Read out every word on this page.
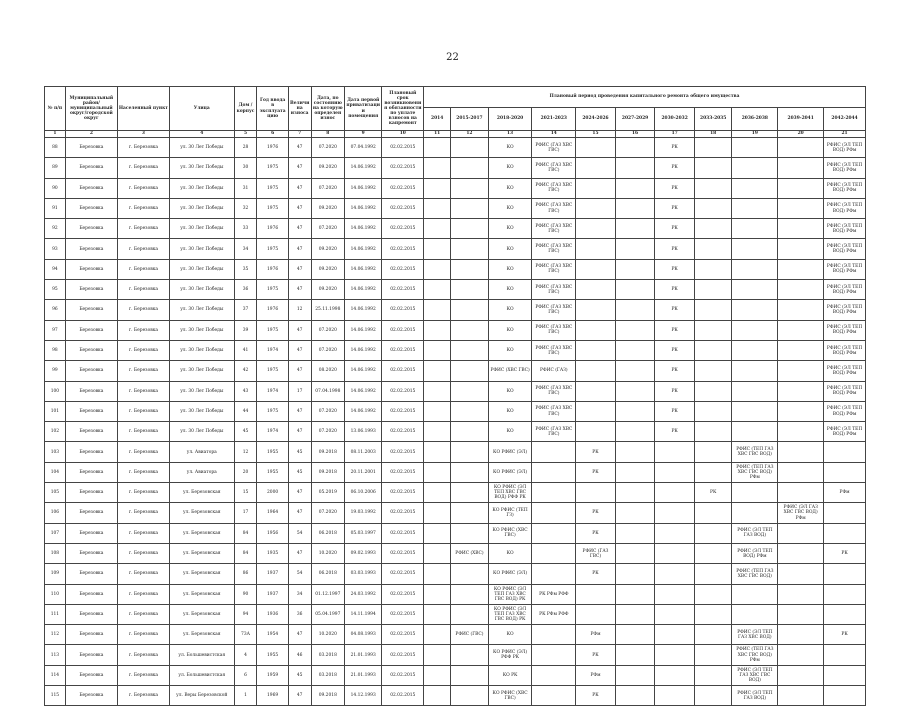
22
№ п/п	Муниципальный район/муниципальный округ/городской округ	Населенный пункт	Улица	Дом / корпус	Год ввода в эксплуатацию	Величина износа	Дата, по состоянию на которую определен износ	Дата первой приватизации помещения	Плановый срок возникновения обязанности по уплате взносов на капремонт	Плановый период проведения капитального ремонта общего имущества										
										2014	2015-2017	2018-2020	2021-2023	2024-2026	2027-2029	2030-2032	2033-2035	2036-2038	2039-2041	2042-2044
1	2	3	4	5	6	7	8	9	10	11	12	13	14	15	16	17	18	19	20	21
88	Березовка	г. Березовка	ул. 30 Лет Победы	28	1976	47	07.2020	07.04.1992	02.02.2015			КО	РФИС (ГАЗ ХВС ГВС)			РК				РФИС (ЭЛ ТЕП ВОД) РФм
89	Березовка	г. Березовка	ул. 30 Лет Победы	30	1975	47	09.2020	14.06.1992	02.02.2015			КО	РФИС (ГАЗ ХВС ГВС)			РК				РФИС (ЭЛ ТЕП ВОД) РФм
90	Березовка	г. Березовка	ул. 30 Лет Победы	31	1975	47	07.2020	14.06.1992	02.02.2015			КО	РФИС (ГАЗ ХВС ГВС)			РК				РФИС (ЭЛ ТЕП ВОД) РФм
91	Березовка	г. Березовка	ул. 30 Лет Победы	32	1975	47	09.2020	14.06.1992	02.02.2015			КО	РФИС (ГАЗ ХВС ГВС)			РК				РФИС (ЭЛ ТЕП ВОД) РФм
92	Березовка	г. Березовка	ул. 30 Лет Победы	33	1976	47	07.2020	14.06.1992	02.02.2015			КО	РФИС (ГАЗ ХВС ГВС)			РК				РФИС (ЭЛ ТЕП ВОД) РФм
93	Березовка	г. Березовка	ул. 30 Лет Победы	34	1975	47	09.2020	14.06.1992	02.02.2015			КО	РФИС (ГАЗ ХВС ГВС)			РК				РФИС (ЭЛ ТЕП ВОД) РФм
94	Березовка	г. Березовка	ул. 30 Лет Победы	35	1976	47	09.2020	14.06.1992	02.02.2015			КО	РФИС (ГАЗ ХВС ГВС)			РК				РФИС (ЭЛ ТЕП ВОД) РФм
95	Березовка	г. Березовка	ул. 30 Лет Победы	36	1975	47	09.2020	14.06.1992	02.02.2015			КО	РФИС (ГАЗ ХВС ГВС)			РК				РФИС (ЭЛ ТЕП ВОД) РФм
96	Березовка	г. Березовка	ул. 30 Лет Победы	37	1976	12	25.11.1998	14.06.1992	02.02.2015			КО	РФИС (ГАЗ ХВС ГВС)			РК				РФИС (ЭЛ ТЕП ВОД) РФм
97	Березовка	г. Березовка	ул. 30 Лет Победы	39	1975	47	07.2020	14.06.1992	02.02.2015			КО	РФИС (ГАЗ ХВС ГВС)			РК				РФИС (ЭЛ ТЕП ВОД) РФм
98	Березовка	г. Березовка	ул. 30 Лет Победы	41	1974	47	07.2020	14.06.1992	02.02.2015			КО	РФИС (ГАЗ ХВС ГВС)			РК				РФИС (ЭЛ ТЕП ВОД) РФм
99	Березовка	г. Березовка	ул. 30 Лет Победы	42	1975	47	08.2020	14.06.1992	02.02.2015			РФИС (ХВС ГВС)	РФИС (ГАЗ)			РК				РФИС (ЭЛ ТЕП ВОД) РФм
100	Березовка	г. Березовка	ул. 30 Лет Победы	43	1974	17	07.04.1998	14.06.1992	02.02.2015			КО	РФИС (ГАЗ ХВС ГВС)			РК				РФИС (ЭЛ ТЕП ВОД) РФм
101	Березовка	г. Березовка	ул. 30 Лет Победы	44	1975	47	07.2020	14.06.1992	02.02.2015			КО	РФИС (ГАЗ ХВС ГВС)			РК				РФИС (ЭЛ ТЕП ВОД) РФм
102	Березовка	г. Березовка	ул. 30 Лет Победы	45	1974	47	07.2020	13.06.1993	02.02.2015			КО	РФИС (ГАЗ ХВС ГВС)			РК				РФИС (ЭЛ ТЕП ВОД) РФм
103	Березовка	г. Березовка	ул. Авиатора	12	1955	45	09.2018	08.11.2003	02.02.2015			КО РФИС (ЭЛ)		РК				РФИС (ТЕП ГАЗ ХВС ГВС ВОД)		
104	Березовка	г. Березовка	ул. Авиатора	20	1955	45	09.2018	20.11.2001	02.02.2015			КО РФИС (ЭЛ)		РК				РФИС (ТЕП ГАЗ ХВС ГВС ВОД) РФм		
105	Березовка	г. Березовка	ул. Березовская	15	2000	47	05.2019	06.10.2006	02.02.2015			КО РФИС (ЭЛ ТЕП ХВС ГВС ВОД) РФФ РК					РК			РФм
106	Березовка	г. Березовка	ул. Березовская	17	1964	47	07.2020	19.03.1992	02.02.2015			КО РФИС (ТЕП ГЗ)		РК					РФИС (ЭЛ ГАЗ ХВС ГВС ВОД) РФм	
107	Березовка	г. Березовка	ул. Березовская	84	1956	54	06.2018	05.03.1997	02.02.2015			КО РФИС (ХВС ГВС)		РК				РФИС (ЭЛ ТЕП ГАЗ ВОД)		
108	Березовка	г. Березовка	ул. Березовская	84	1935	47	10.2020	09.02.1993	02.02.2015		РФИС (ХВС)	КО		РФИС (ГАЗ ГВС)				РФИС (ЭЛ ТЕП ВОД) РФм		РК
109	Березовка	г. Березовка	ул. Березовская	86	1937	54	06.2018	03.03.1993	02.02.2015			КО РФИС (ЭЛ)		РК				РФИС (ТЕП ГАЗ ХВС ГВС ВОД)		
110	Березовка	г. Березовка	ул. Березовская	90	1937	34	01.12.1997	24.03.1992	02.02.2015			КО РФИС (ЭЛ ТЕП ГАЗ ХВС ГВС ВОД) РК	РК РФм РФФ							
111	Березовка	г. Березовка	ул. Березовская	94	1936	36	05.04.1997	14.11.1994	02.02.2015			КО РФИС (ЭЛ ТЕП ГАЗ ХВС ГВС ВОД) РК	РК РФм РФФ							
112	Березовка	г. Березовка	ул. Березовская	73А	1954	47	10.2020	04.08.1993	02.02.2015		РФИС (ГВС)	КО		РФм				РФИС (ЭЛ ТЕП ГАЗ ХВС ВОД)		РК
113	Березовка	г. Березовка	ул. Большевистская	4	1955	46	03.2018	21.01.1993	02.02.2015			КО РФИС (ЭЛ) РФФ РК		РК				РФИС (ТЕП ГАЗ ХВС ГВС ВОД) РФм		
114	Березовка	г. Березовка	ул. Большевистская	6	1959	45	03.2018	21.01.1993	02.02.2015			КО РК		РФм				РФИС (ЭЛ ТЕП ГАЗ ХВС ГВС ВОД)		
115	Березовка	г. Березовка	ул. Веры Березовской	1	1969	47	09.2018	14.12.1993	02.02.2015			КО РФИС (ХВС ГВС)		РК				РФИС (ЭЛ ТЕП ГАЗ ВОД)		
